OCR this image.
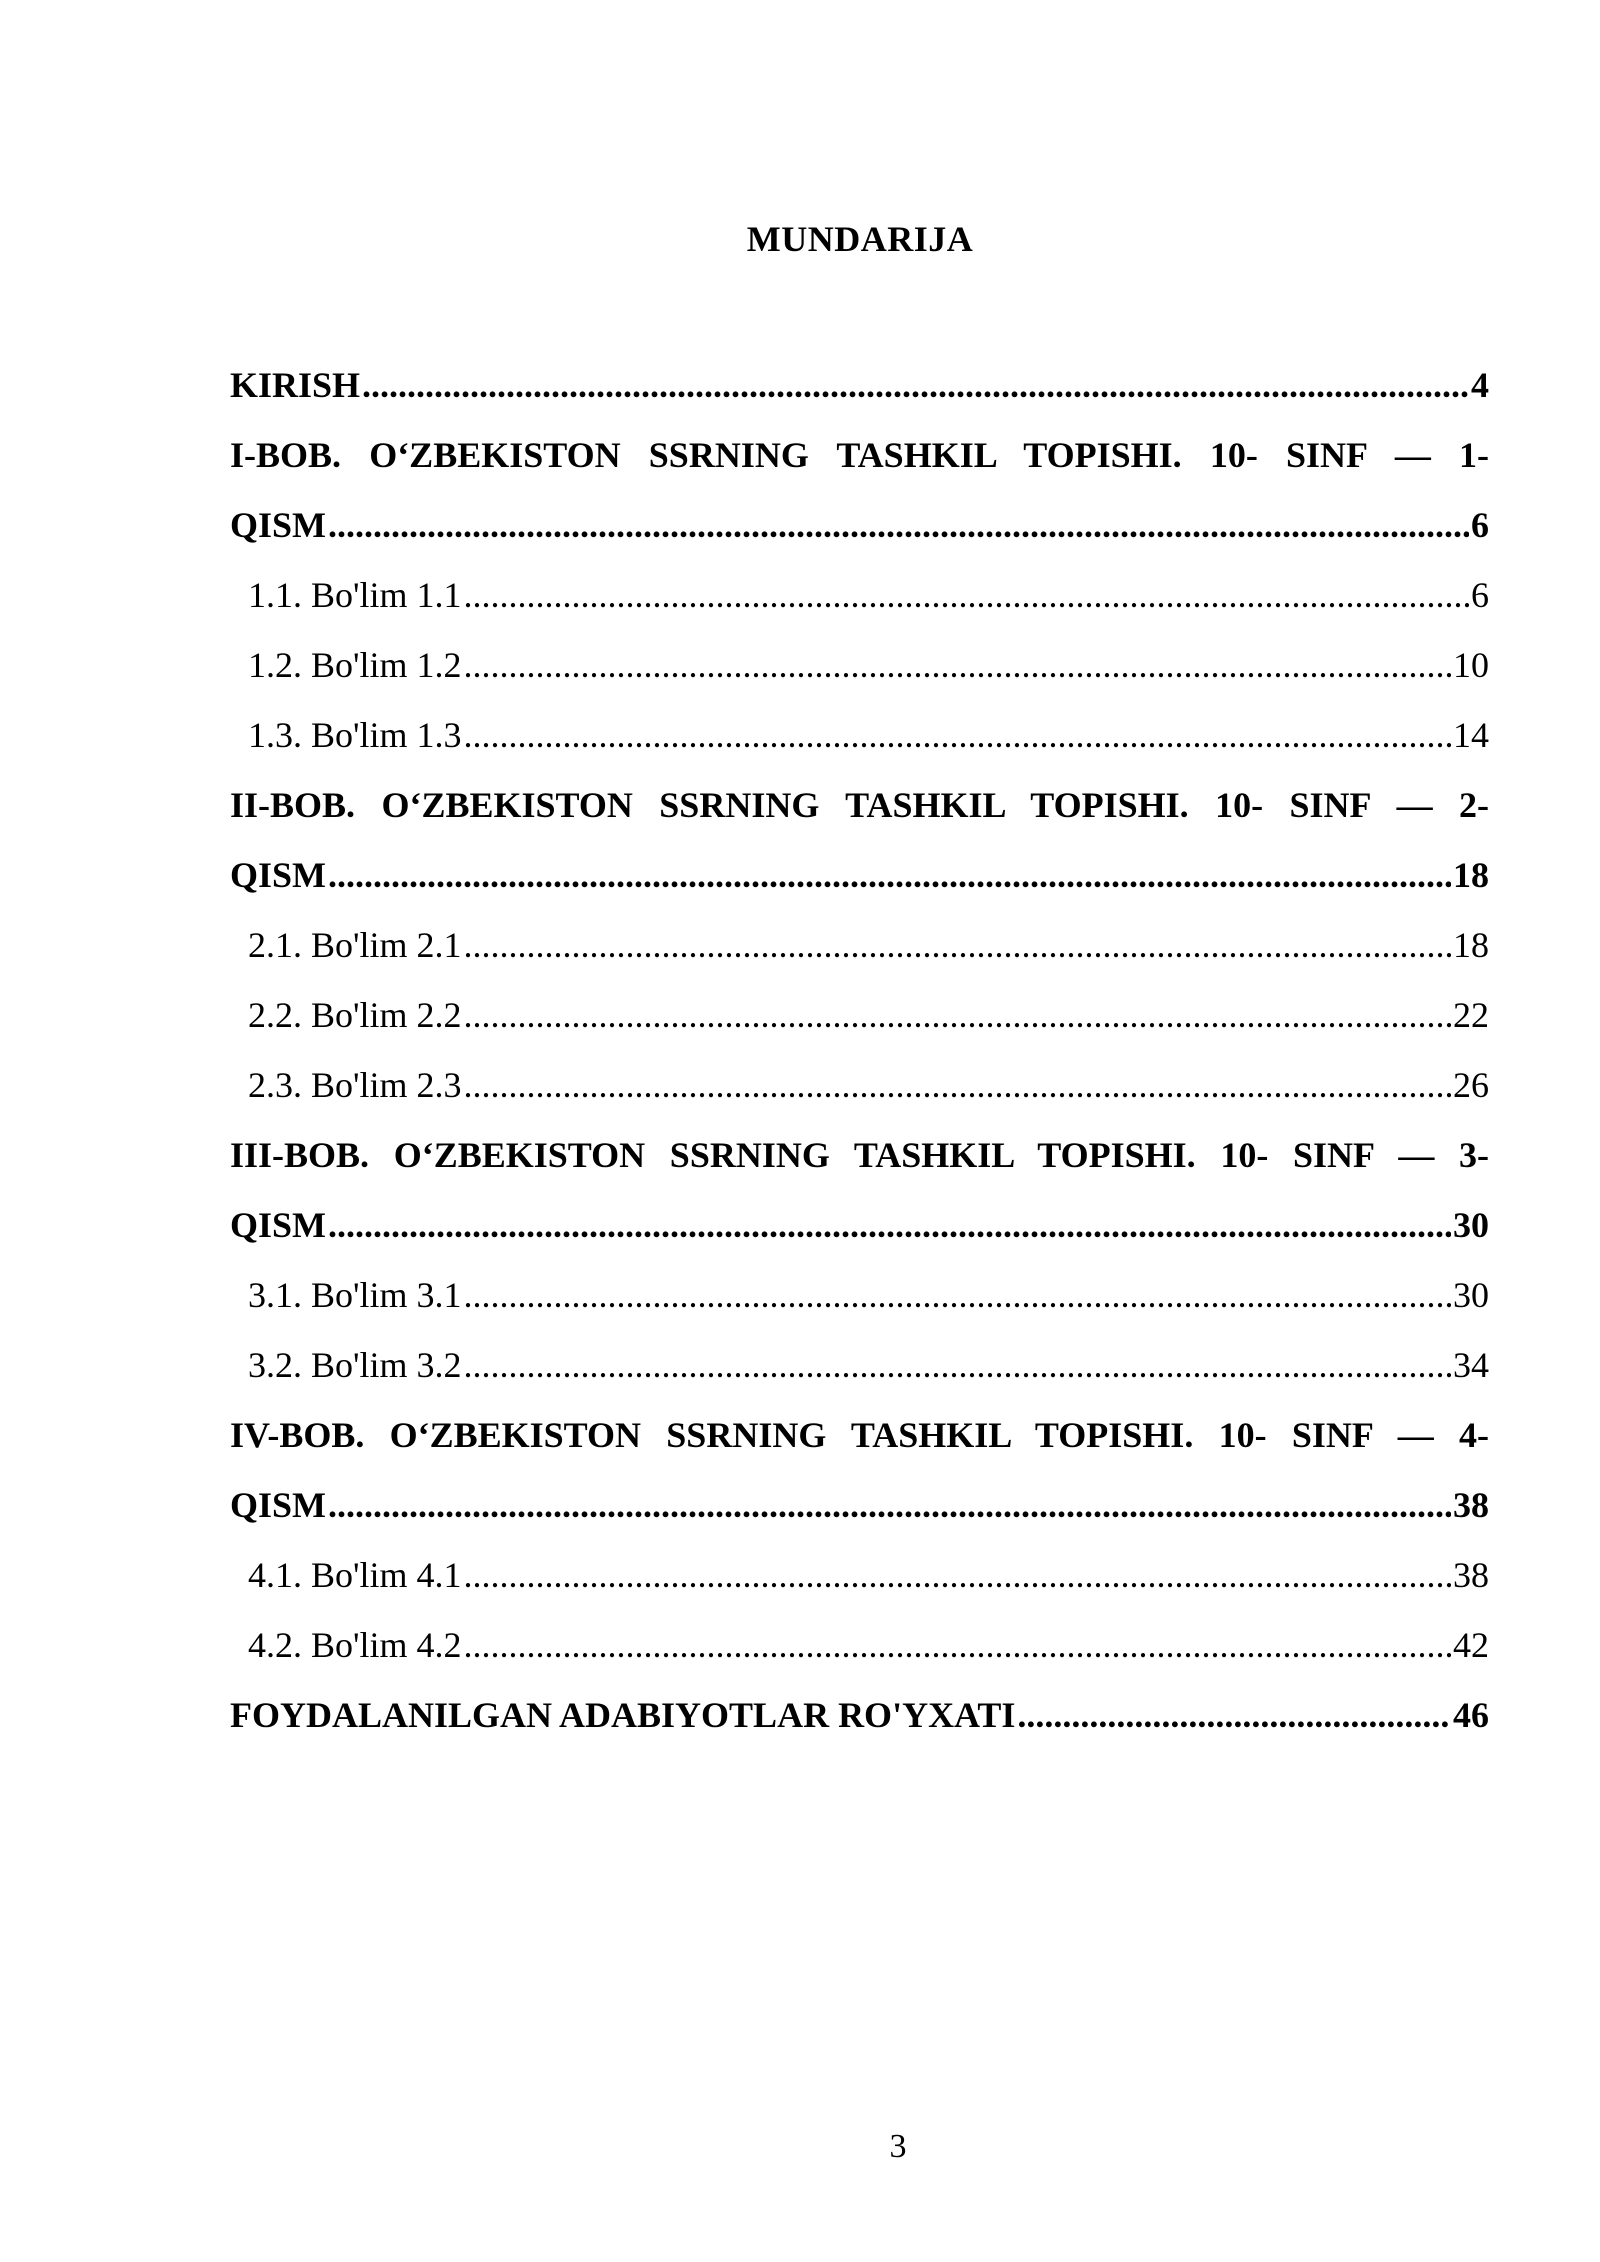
MUNDARIJA
KIRISH .....	4
I-BOB. O‘ZBEKISTON SSRNING TASHKIL TOPISHI. 10- SINF — 1-
QISM .....	6
1.1. Bo'lim 1.1 .....	6
1.2. Bo'lim 1.2 .....	10
1.3. Bo'lim 1.3 .....	14
II-BOB. O‘ZBEKISTON SSRNING TASHKIL TOPISHI. 10- SINF — 2-
QISM .....	18
2.1. Bo'lim 2.1 .....	18
2.2. Bo'lim 2.2 .....	22
2.3. Bo'lim 2.3 .....	26
III-BOB. O‘ZBEKISTON SSRNING TASHKIL TOPISHI. 10- SINF — 3-
QISM .....	30
3.1. Bo'lim 3.1 .....	30
3.2. Bo'lim 3.2 .....	34
IV-BOB. O‘ZBEKISTON SSRNING TASHKIL TOPISHI. 10- SINF — 4-
QISM .....	38
4.1. Bo'lim 4.1 .....	38
4.2. Bo'lim 4.2 .....	42
FOYDALANILGAN ADABIYOTLAR RO'YXATI .....	46
3
